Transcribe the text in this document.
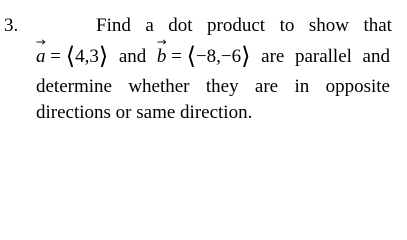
3.	Find a dot product to show that
a = ⟨4,3⟩ and b = ⟨−8,−6⟩ are parallel and
determine whether they are in opposite
directions or same direction.
